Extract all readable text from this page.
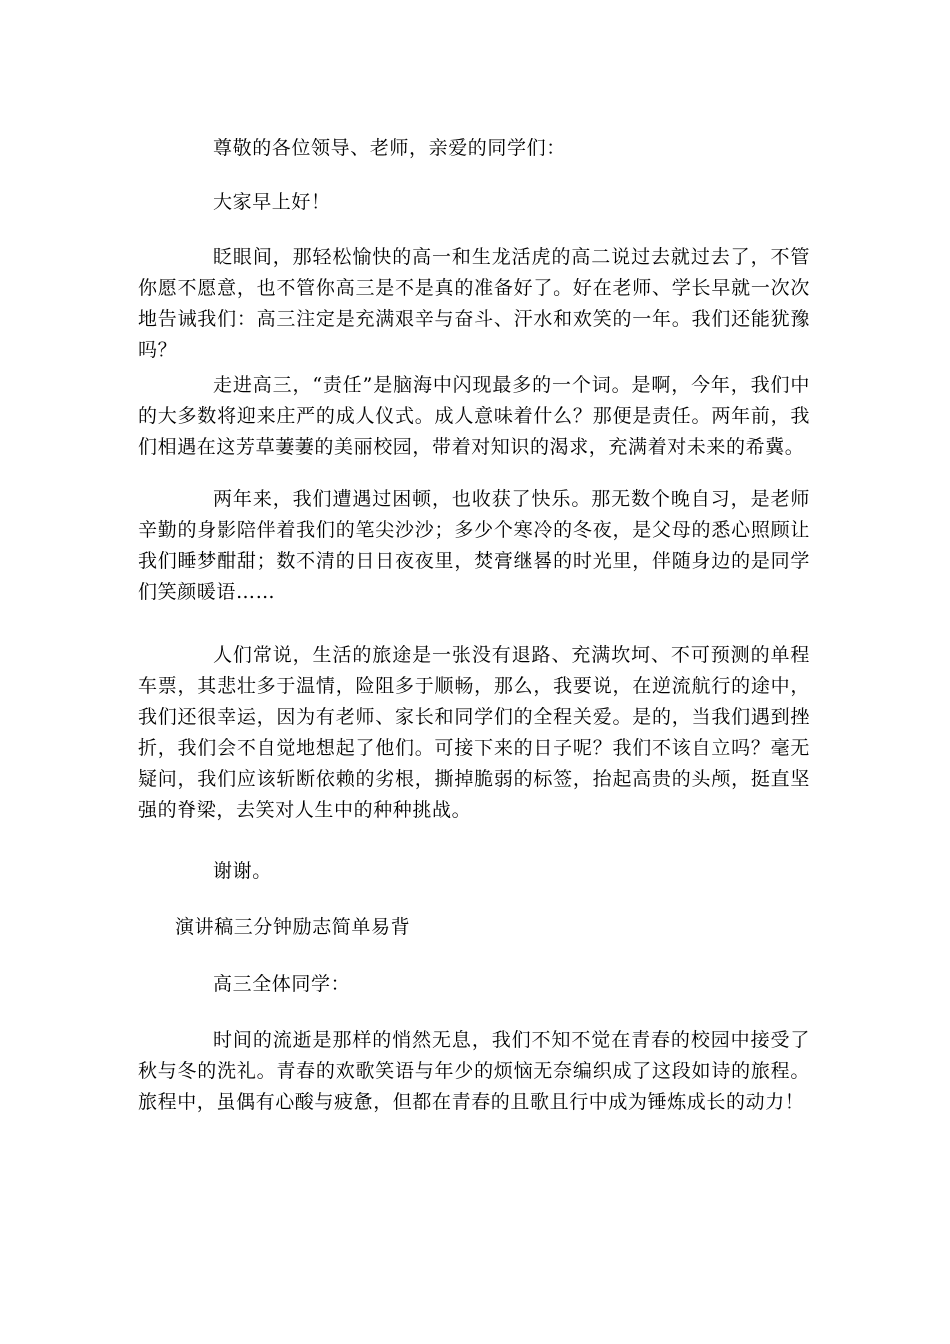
尊敬的各位领导、老师，亲爱的同学们：

大家早上好！

眨眼间，那轻松愉快的高一和生龙活虎的高二说过去就过去了，不管你愿不愿意，也不管你高三是不是真的准备好了。好在老师、学长早就一次次地告诫我们：高三注定是充满艰辛与奋斗、汗水和欢笑的一年。我们还能犹豫吗？

走进高三，“责任”是脑海中闪现最多的一个词。是啊，今年，我们中的大多数将迎来庄严的成人仪式。成人意味着什么？那便是责任。两年前，我们相遇在这芳草萋萋的美丽校园，带着对知识的渴求，充满着对未来的希冀。

两年来，我们遭遇过困顿，也收获了快乐。那无数个晚自习，是老师辛勤的身影陪伴着我们的笔尖沙沙；多少个寒冷的冬夜，是父母的悉心照顾让我们睡梦酣甜；数不清的日日夜夜里，焚膏继晷的时光里，伴随身边的是同学们笑颜暖语……

人们常说，生活的旅途是一张没有退路、充满坎坷、不可预测的单程车票，其悲壮多于温情，险阻多于顺畅，那么，我要说，在逆流航行的途中，我们还很幸运，因为有老师、家长和同学们的全程关爱。是的，当我们遇到挫折，我们会不自觉地想起了他们。可接下来的日子呢？我们不该自立吗？毫无疑问，我们应该斩断依赖的劣根，撕掉脆弱的标签，抬起高贵的头颅，挺直坚强的脊梁，去笑对人生中的种种挑战。

谢谢。

演讲稿三分钟励志简单易背

高三全体同学：

时间的流逝是那样的悄然无息，我们不知不觉在青春的校园中接受了秋与冬的洗礼。青春的欢歌笑语与年少的烦恼无奈编织成了这段如诗的旅程。旅程中，虽偶有心酸与疲惫，但都在青春的且歌且行中成为锤炼成长的动力！
